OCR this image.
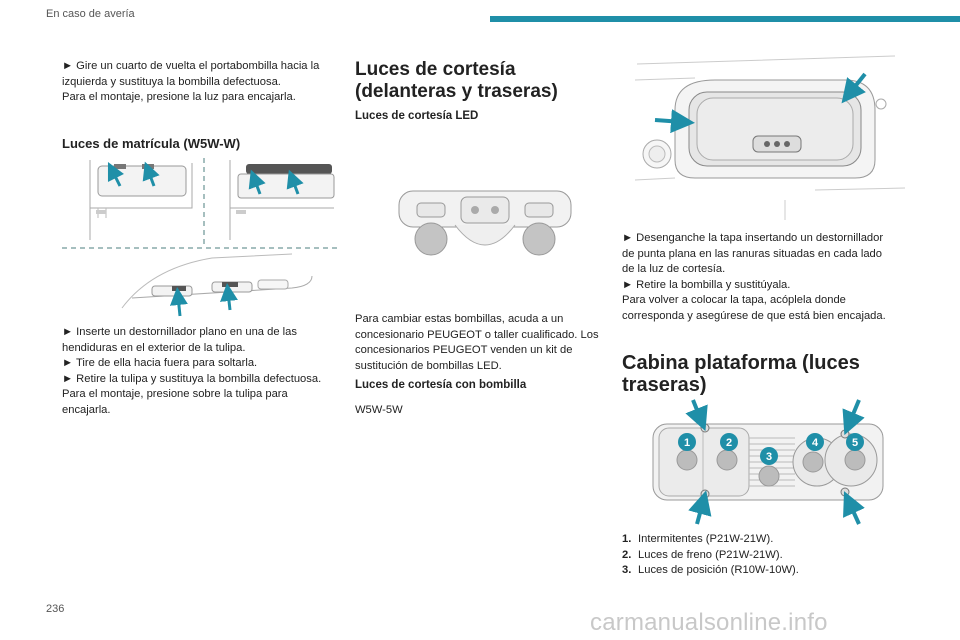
En caso de avería

► Gire un cuarto de vuelta el portabombilla hacia la izquierda y sustituya la bombilla defectuosa.

Para el montaje, presione la luz para encajarla.

Luces de matrícula (W5W-W)

► Inserte un destornillador plano en una de las hendiduras en el exterior de la tulipa.

► Tire de ella hacia fuera para soltarla.

► Retire la tulipa y sustituya la bombilla defectuosa.

Para el montaje, presione sobre la tulipa para encajarla.

Luces de cortesía (delanteras y traseras)
Luces de cortesía LED
Para cambiar estas bombillas, acuda a un concesionario PEUGEOT o taller cualificado. Los concesionarios PEUGEOT venden un kit de sustitución de bombillas LED.
Luces de cortesía con bombilla
W5W-5W

► Desenganche la tapa insertando un destornillador de punta plana en las ranuras situadas en cada lado de la luz de cortesía.

► Retire la bombilla y sustitúyala.

Para volver a colocar la tapa, acóplela donde corresponda y asegúrese de que está bien encajada.

Cabina plataforma (luces traseras)
1	2
3
4	5
1. Intermitentes (P21W-21W).
2. Luces de freno (P21W-21W).
3. Luces de posición (R10W-10W).
236	carmanualsonline.info
